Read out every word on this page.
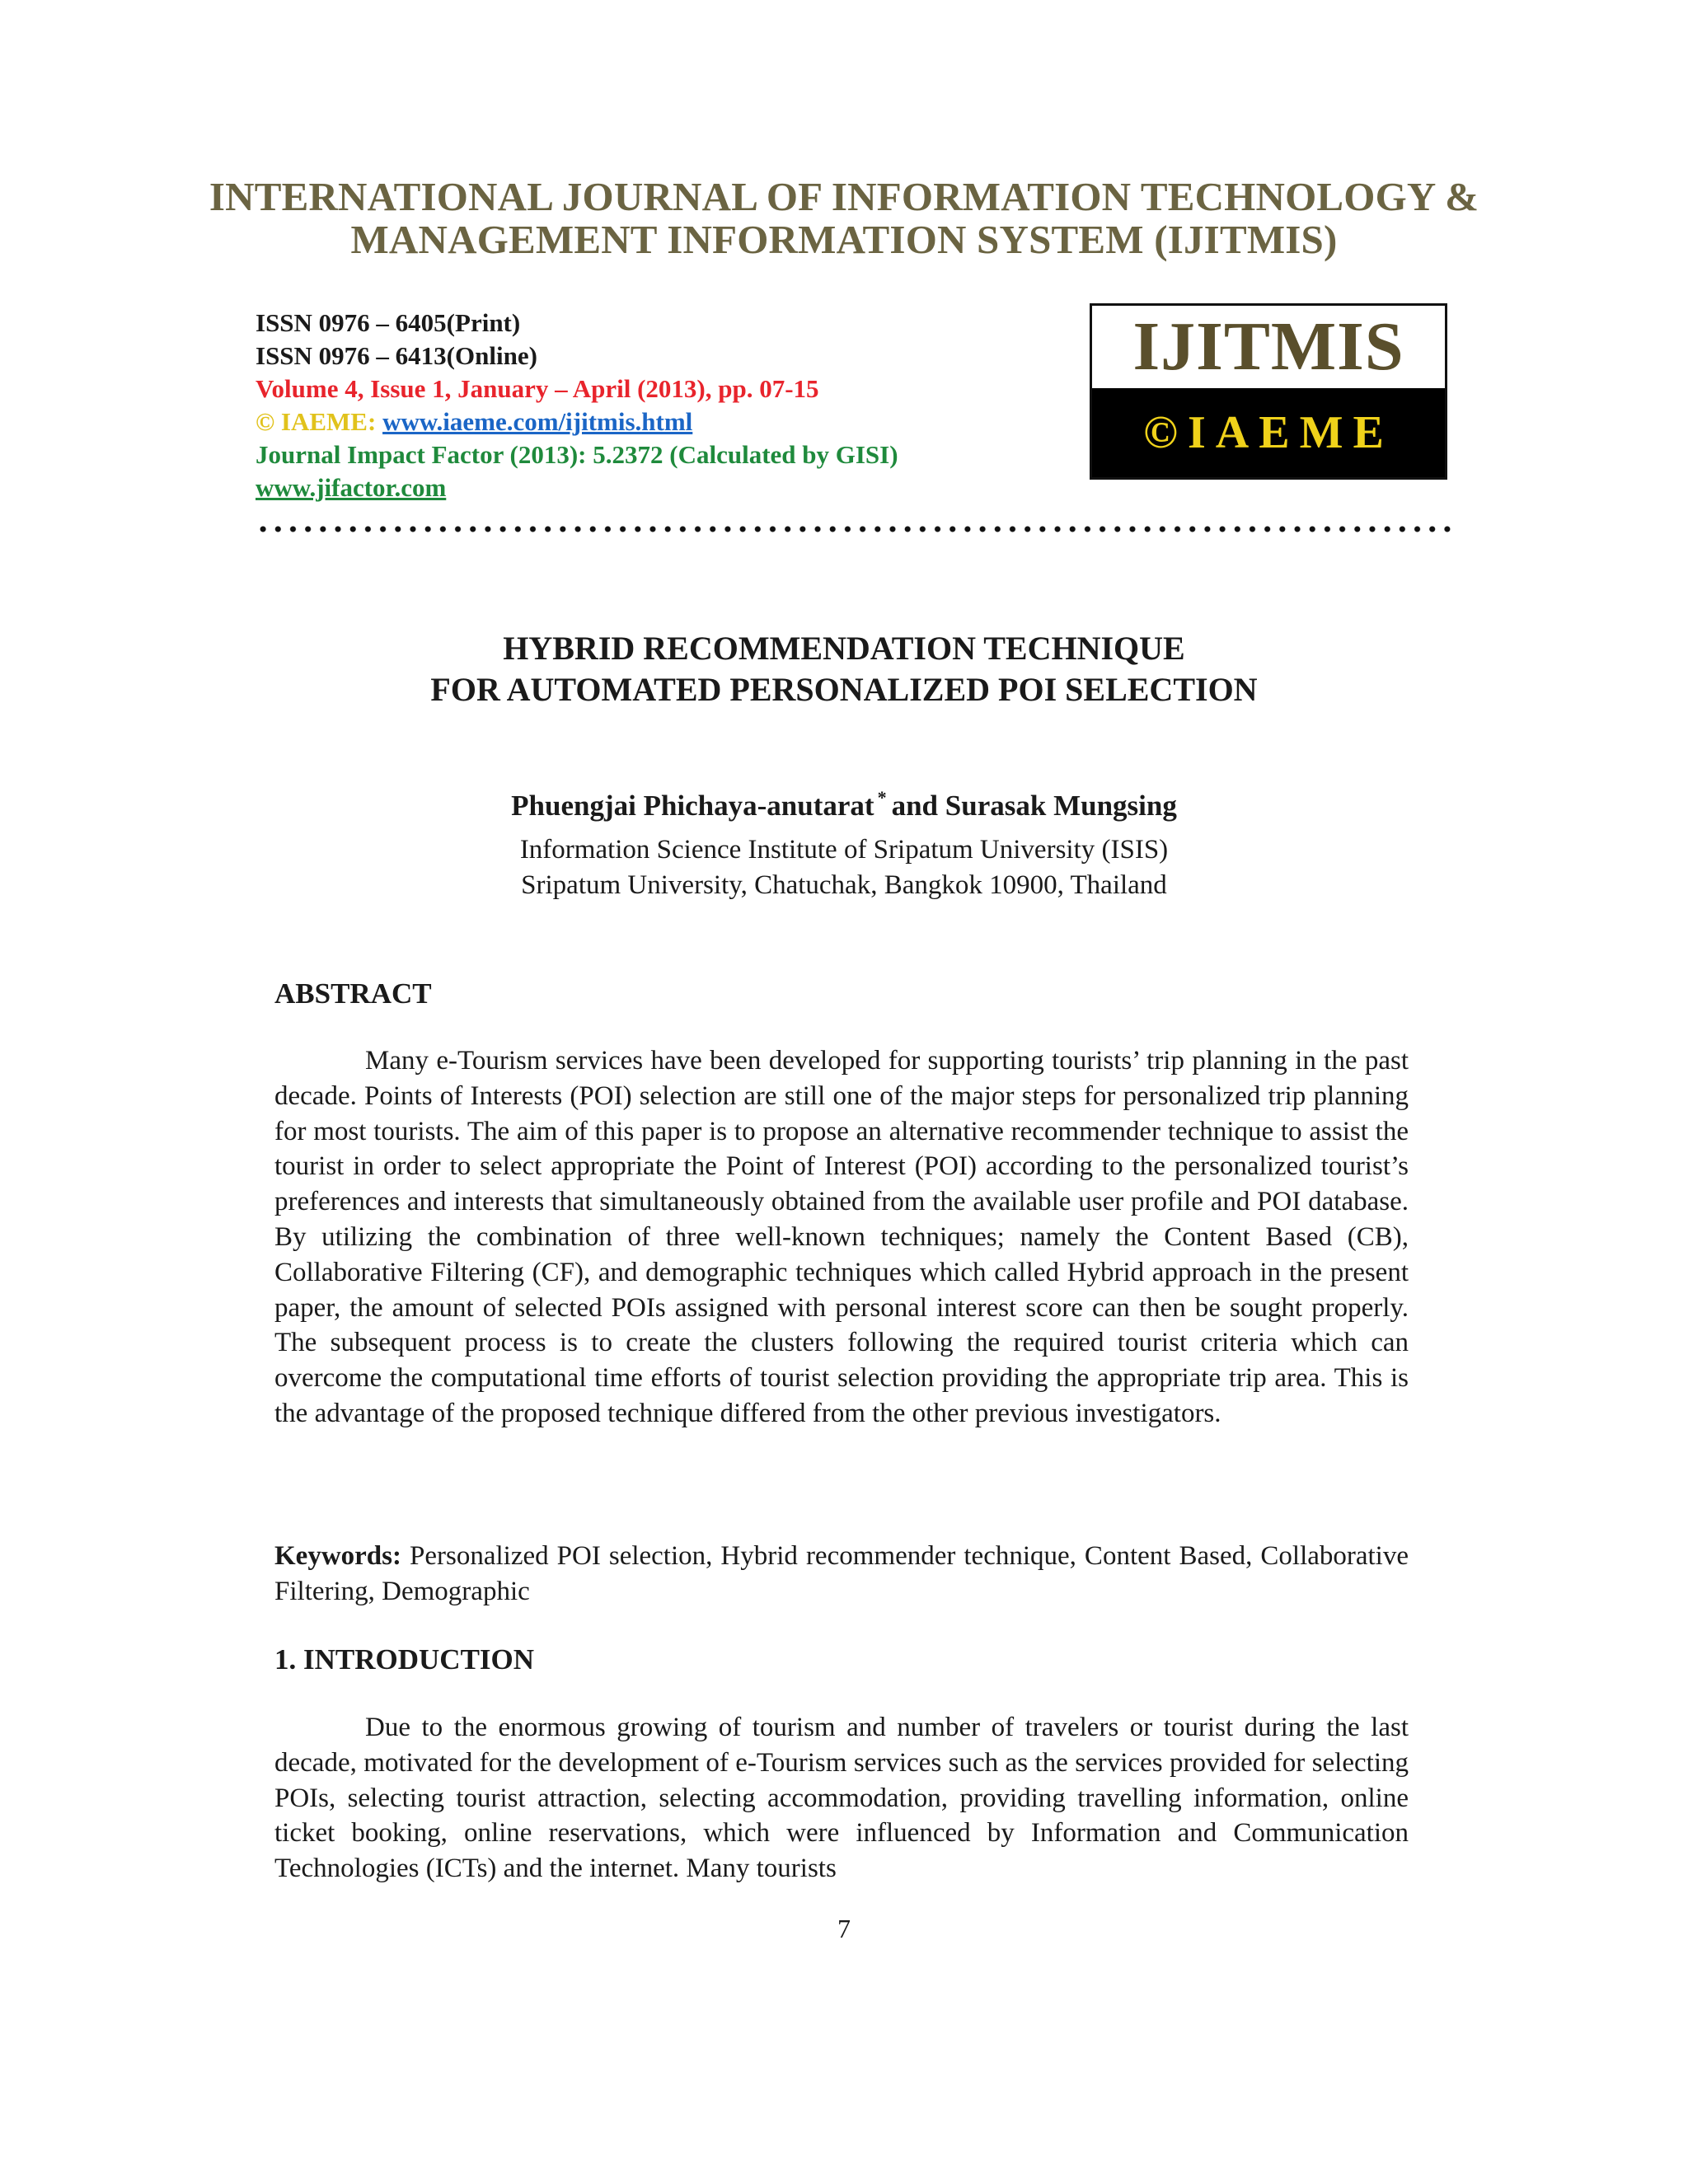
INTERNATIONAL JOURNAL OF INFORMATION TECHNOLOGY &
MANAGEMENT INFORMATION SYSTEM (IJITMIS)
ISSN 0976 – 6405(Print)
ISSN 0976 – 6413(Online)
Volume 4, Issue 1, January – April (2013), pp. 07-15
© IAEME: www.iaeme.com/ijitmis.html
Journal Impact Factor (2013): 5.2372 (Calculated by GISI)
www.jifactor.com
IJITMIS
©IAEME
HYBRID RECOMMENDATION TECHNIQUE
FOR AUTOMATED PERSONALIZED POI SELECTION
Phuengjai Phichaya-anutarat * and Surasak Mungsing
Information Science Institute of Sripatum University (ISIS)
Sripatum University, Chatuchak, Bangkok 10900, Thailand
ABSTRACT
Many e-Tourism services have been developed for supporting tourists’ trip planning in the past decade. Points of Interests (POI) selection are still one of the major steps for personalized trip planning for most tourists. The aim of this paper is to propose an alternative recommender technique to assist the tourist in order to select appropriate the Point of Interest (POI) according to the personalized tourist’s preferences and interests that simultaneously obtained from the available user profile and POI database. By utilizing the combination of three well-known techniques; namely the Content Based (CB), Collaborative Filtering (CF), and demographic techniques which called Hybrid approach in the present paper, the amount of selected POIs assigned with personal interest score can then be sought properly. The subsequent process is to create the clusters following the required tourist criteria which can overcome the computational time efforts of tourist selection providing the appropriate trip area. This is the advantage of the proposed technique differed from the other previous investigators.
Keywords: Personalized POI selection, Hybrid recommender technique, Content Based, Collaborative Filtering, Demographic
1. INTRODUCTION
Due to the enormous growing of tourism and number of travelers or tourist during the last decade, motivated for the development of e-Tourism services such as the services provided for selecting POIs, selecting tourist attraction, selecting accommodation, providing travelling information, online ticket booking, online reservations, which were influenced by Information and Communication Technologies (ICTs) and the internet. Many tourists
7
